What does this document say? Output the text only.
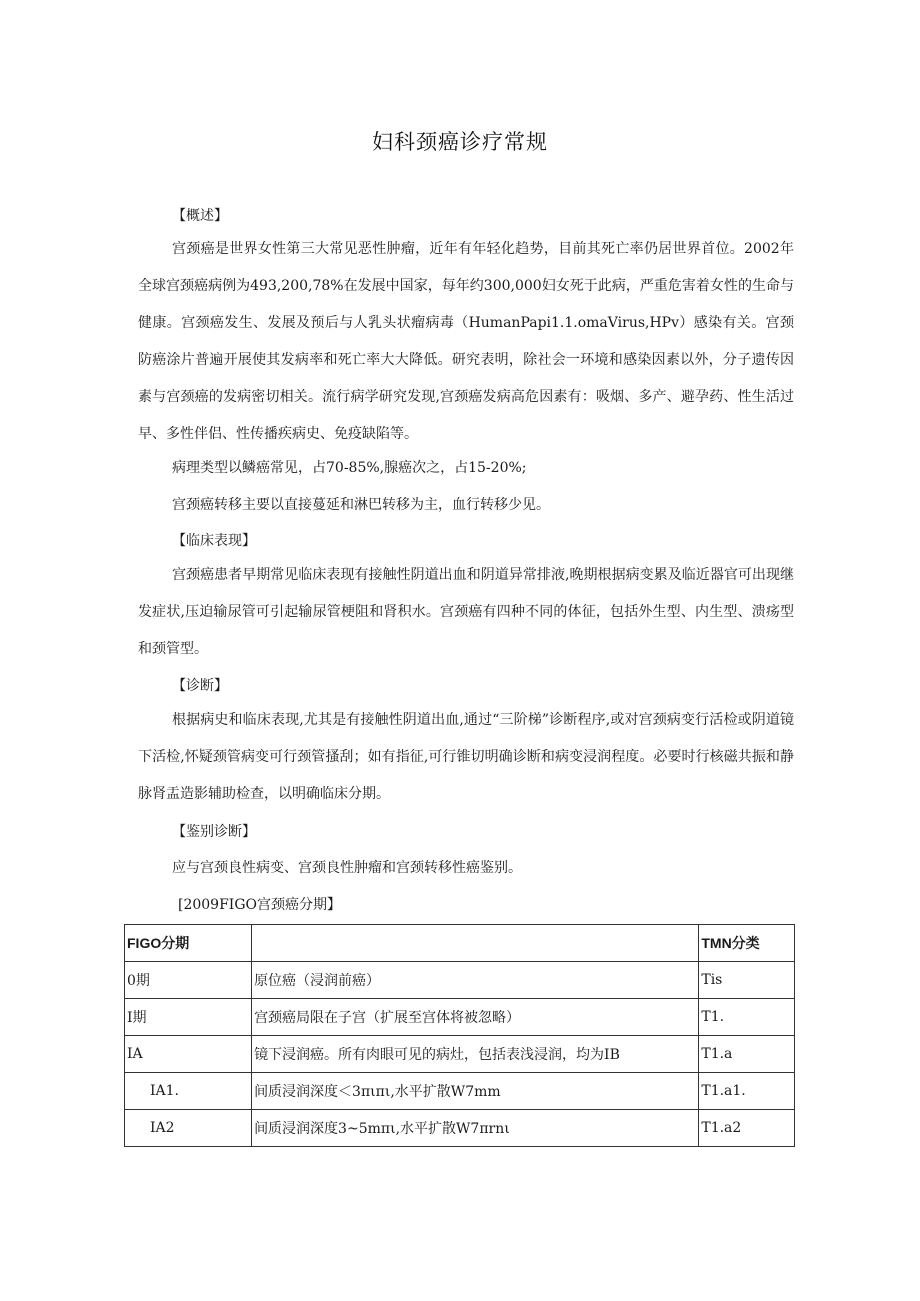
妇科颈癌诊疗常规
【概述】
宫颈癌是世界女性第三大常见恶性肿瘤，近年有年轻化趋势，目前其死亡率仍居世界首位。2002年全球宫颈癌病例为493,200,78%在发展中国家，每年约300,000妇女死于此病，严重危害着女性的生命与健康。宫颈癌发生、发展及预后与人乳头状瘤病毒（HumanPapi1.1.omaVirus,HPv）感染有关。宫颈防癌涂片普遍开展使其发病率和死亡率大大降低。研究表明，除社会一环境和感染因素以外，分子遗传因素与宫颈癌的发病密切相关。流行病学研究发现,宫颈癌发病高危因素有：吸烟、多产、避孕药、性生活过早、多性伴侣、性传播疾病史、免疫缺陷等。
病理类型以鳞癌常见，占70-85%,腺癌次之，占15-20%;
宫颈癌转移主要以直接蔓延和淋巴转移为主，血行转移少见。
【临床表现】
宫颈癌患者早期常见临床表现有接触性阴道出血和阴道异常排液,晚期根据病变累及临近器官可出现继发症状,压迫输尿管可引起输尿管梗阻和肾积水。宫颈癌有四种不同的体征，包括外生型、内生型、溃疡型和颈管型。
【诊断】
根据病史和临床表现,尤其是有接触性阴道出血,通过“三阶梯”诊断程序,或对宫颈病变行活检或阴道镜下活检,怀疑颈管病变可行颈管搔刮；如有指征,可行锥切明确诊断和病变浸润程度。必要时行核磁共振和静脉肾盂造影辅助检查，以明确临床分期。
【鉴别诊断】
应与宫颈良性病变、宫颈良性肿瘤和宫颈转移性癌鉴别。
[2009FIGO宫颈癌分期】
FIGO分期		TMN分类
0期	原位癌（浸润前癌）	Tis
I期	宫颈癌局限在子宫（扩展至宫体将被忽略）	T1.
IA	镜下浸润癌。所有肉眼可见的病灶，包括表浅浸润，均为IB	T1.a
IA1.	间质浸润深度＜3πιπι,水平扩散W7mm	T1.a1.
IA2	间质浸润深度3~5mπι,水平扩散W7πrnι	T1.a2
